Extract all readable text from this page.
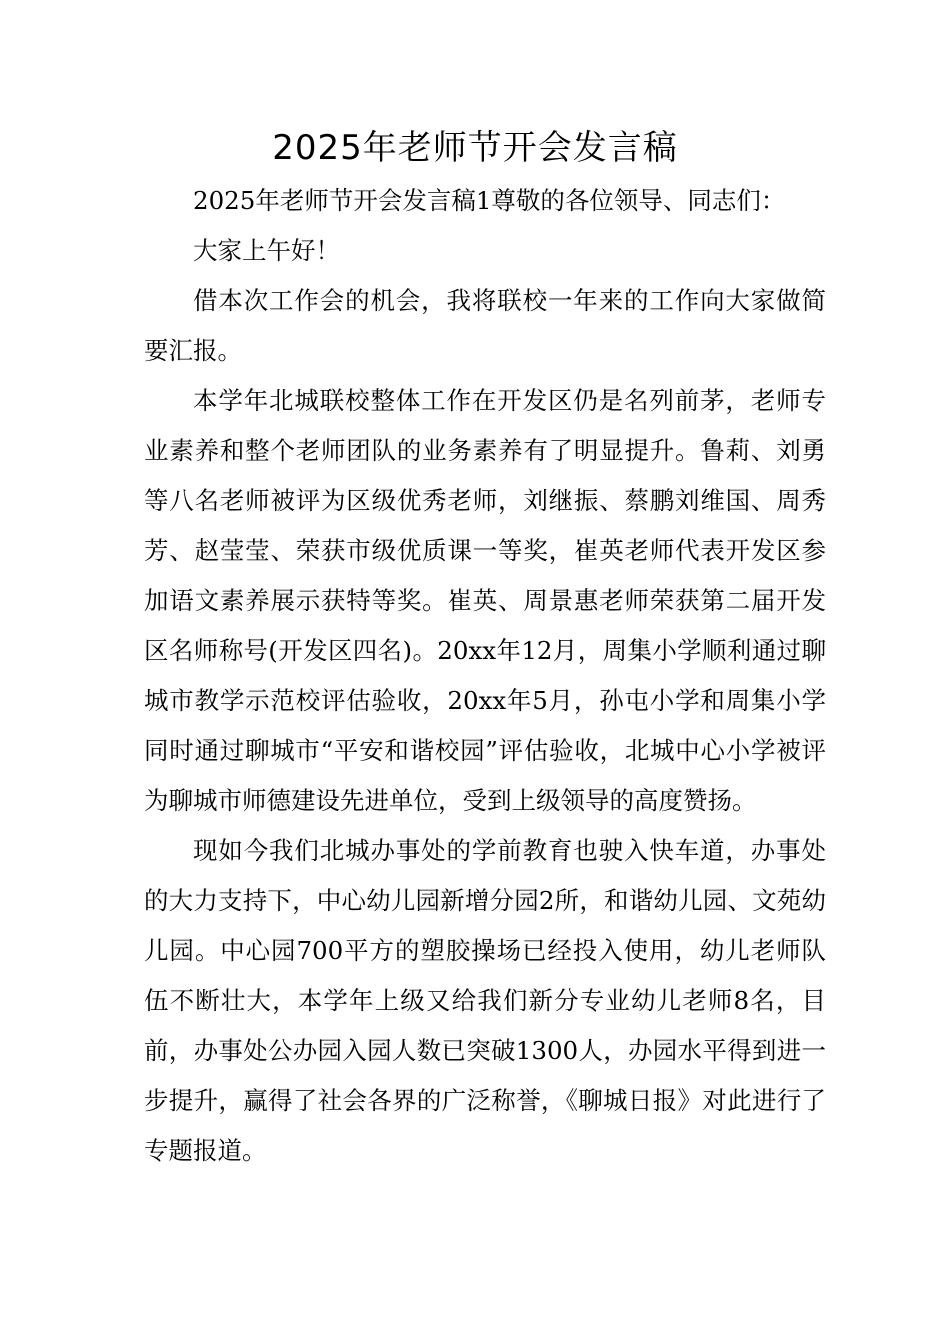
2025年老师节开会发言稿

2025年老师节开会发言稿1尊敬的各位领导、同志们：

大家上午好！

借本次工作会的机会，我将联校一年来的工作向大家做简要汇报。

本学年北城联校整体工作在开发区仍是名列前茅，老师专业素养和整个老师团队的业务素养有了明显提升。鲁莉、刘勇等八名老师被评为区级优秀老师，刘继振、蔡鹏刘维国、周秀芳、赵莹莹、荣获市级优质课一等奖，崔英老师代表开发区参加语文素养展示获特等奖。崔英、周景惠老师荣获第二届开发区名师称号(开发区四名)。20xx年12月，周集小学顺利通过聊城市教学示范校评估验收，20xx年5月，孙屯小学和周集小学同时通过聊城市“平安和谐校园”评估验收，北城中心小学被评为聊城市师德建设先进单位，受到上级领导的高度赞扬。

现如今我们北城办事处的学前教育也驶入快车道，办事处的大力支持下，中心幼儿园新增分园2所，和谐幼儿园、文苑幼儿园。中心园700平方的塑胶操场已经投入使用，幼儿老师队伍不断壮大，本学年上级又给我们新分专业幼儿老师8名，目前，办事处公办园入园人数已突破1300人，办园水平得到进一步提升，赢得了社会各界的广泛称誉，《聊城日报》对此进行了专题报道。
